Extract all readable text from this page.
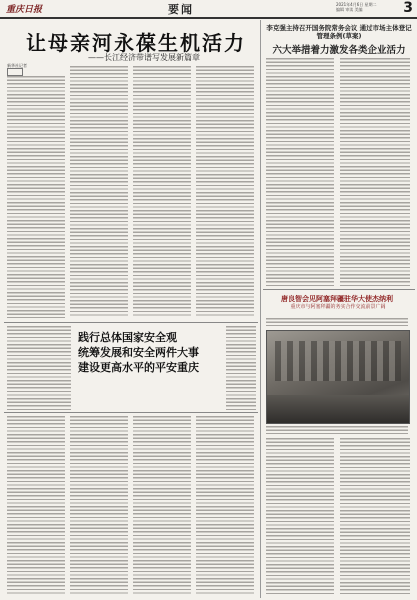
重庆日报	要闻	2021年4月6日 星期二
编辑 审读 美编	3
让母亲河永葆生机活力
——长江经济带谱写发展新篇章
新华社记者
践行总体国家安全观
统筹发展和安全两件大事
建设更高水平的平安重庆
李克强主持召开国务院常务会议 通过市场主体登记管理条例(草案)
六大举措着力激发各类企业活力
唐良智会见阿塞拜疆驻华大使杰纳利
重庆市与阿塞拜疆的务实合作交流前景广阔
